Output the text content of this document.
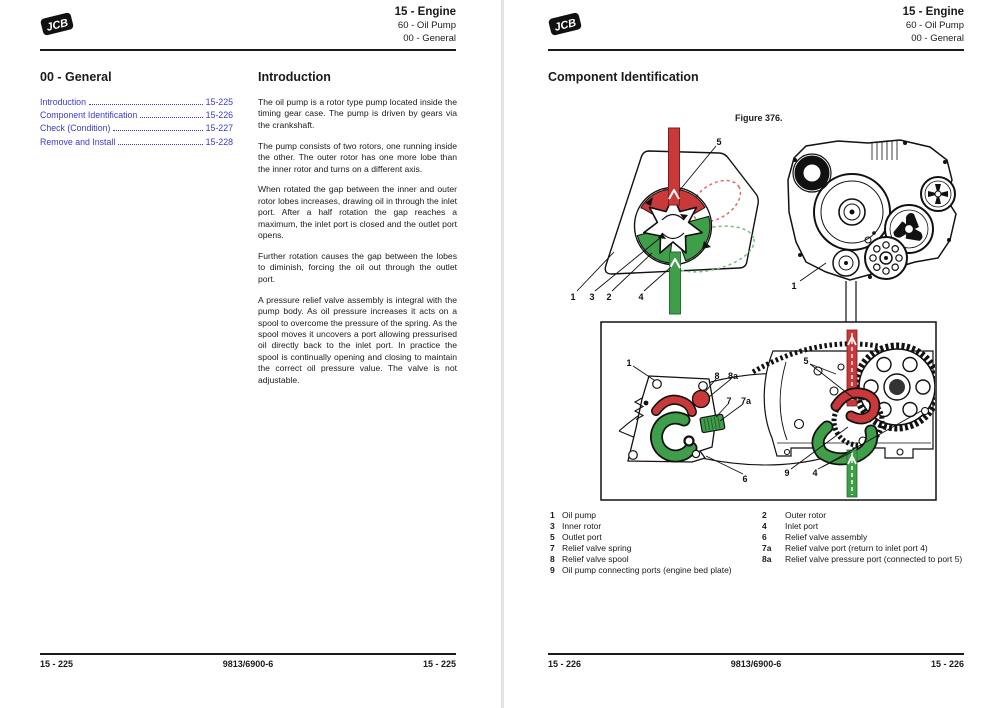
JCB
15 - Engine
60 - Oil Pump
00 - General
00 - General
Introduction	15-225
Component Identification	15-226
Check (Condition)	15-227
Remove and Install	15-228
Introduction

The oil pump is a rotor type pump located inside the timing gear case. The pump is driven by gears via the crankshaft.

The pump consists of two rotors, one running inside the other. The outer rotor has one more lobe than the inner rotor and turns on a different axis.

When rotated the gap between the inner and outer rotor lobes increases, drawing oil in through the inlet port. After a half rotation the gap reaches a maximum, the inlet port is closed and the outlet port opens.

Further rotation causes the gap between the lobes to diminish, forcing the oil out through the outlet port.

A pressure relief valve assembly is integral with the pump body. As oil pressure increases it acts on a spool to overcome the pressure of the spring. As the spool moves it uncovers a port allowing pressurised oil directly back to the inlet port. In practice the spool is continually opening and closing to maintain the correct oil pressure value. The valve is not adjustable.

15 - 225	9813/6900-6	15 - 225
JCB
15 - Engine
60 - Oil Pump
00 - General
Component Identification
Figure 376.
1 3 2	4
5
1
1
8 8a
7 7a
6
5
9	4
1 Oil pump
3 Inner rotor
5 Outlet port
7 Relief valve spring
8 Relief valve spool
9 Oil pump connecting ports (engine bed plate)
2	Outer rotor
4	Inlet port
6	Relief valve assembly
7a	Relief valve port (return to inlet port 4)
8a	Relief valve pressure port (connected to port 5)
15 - 226	9813/6900-6	15 - 226
